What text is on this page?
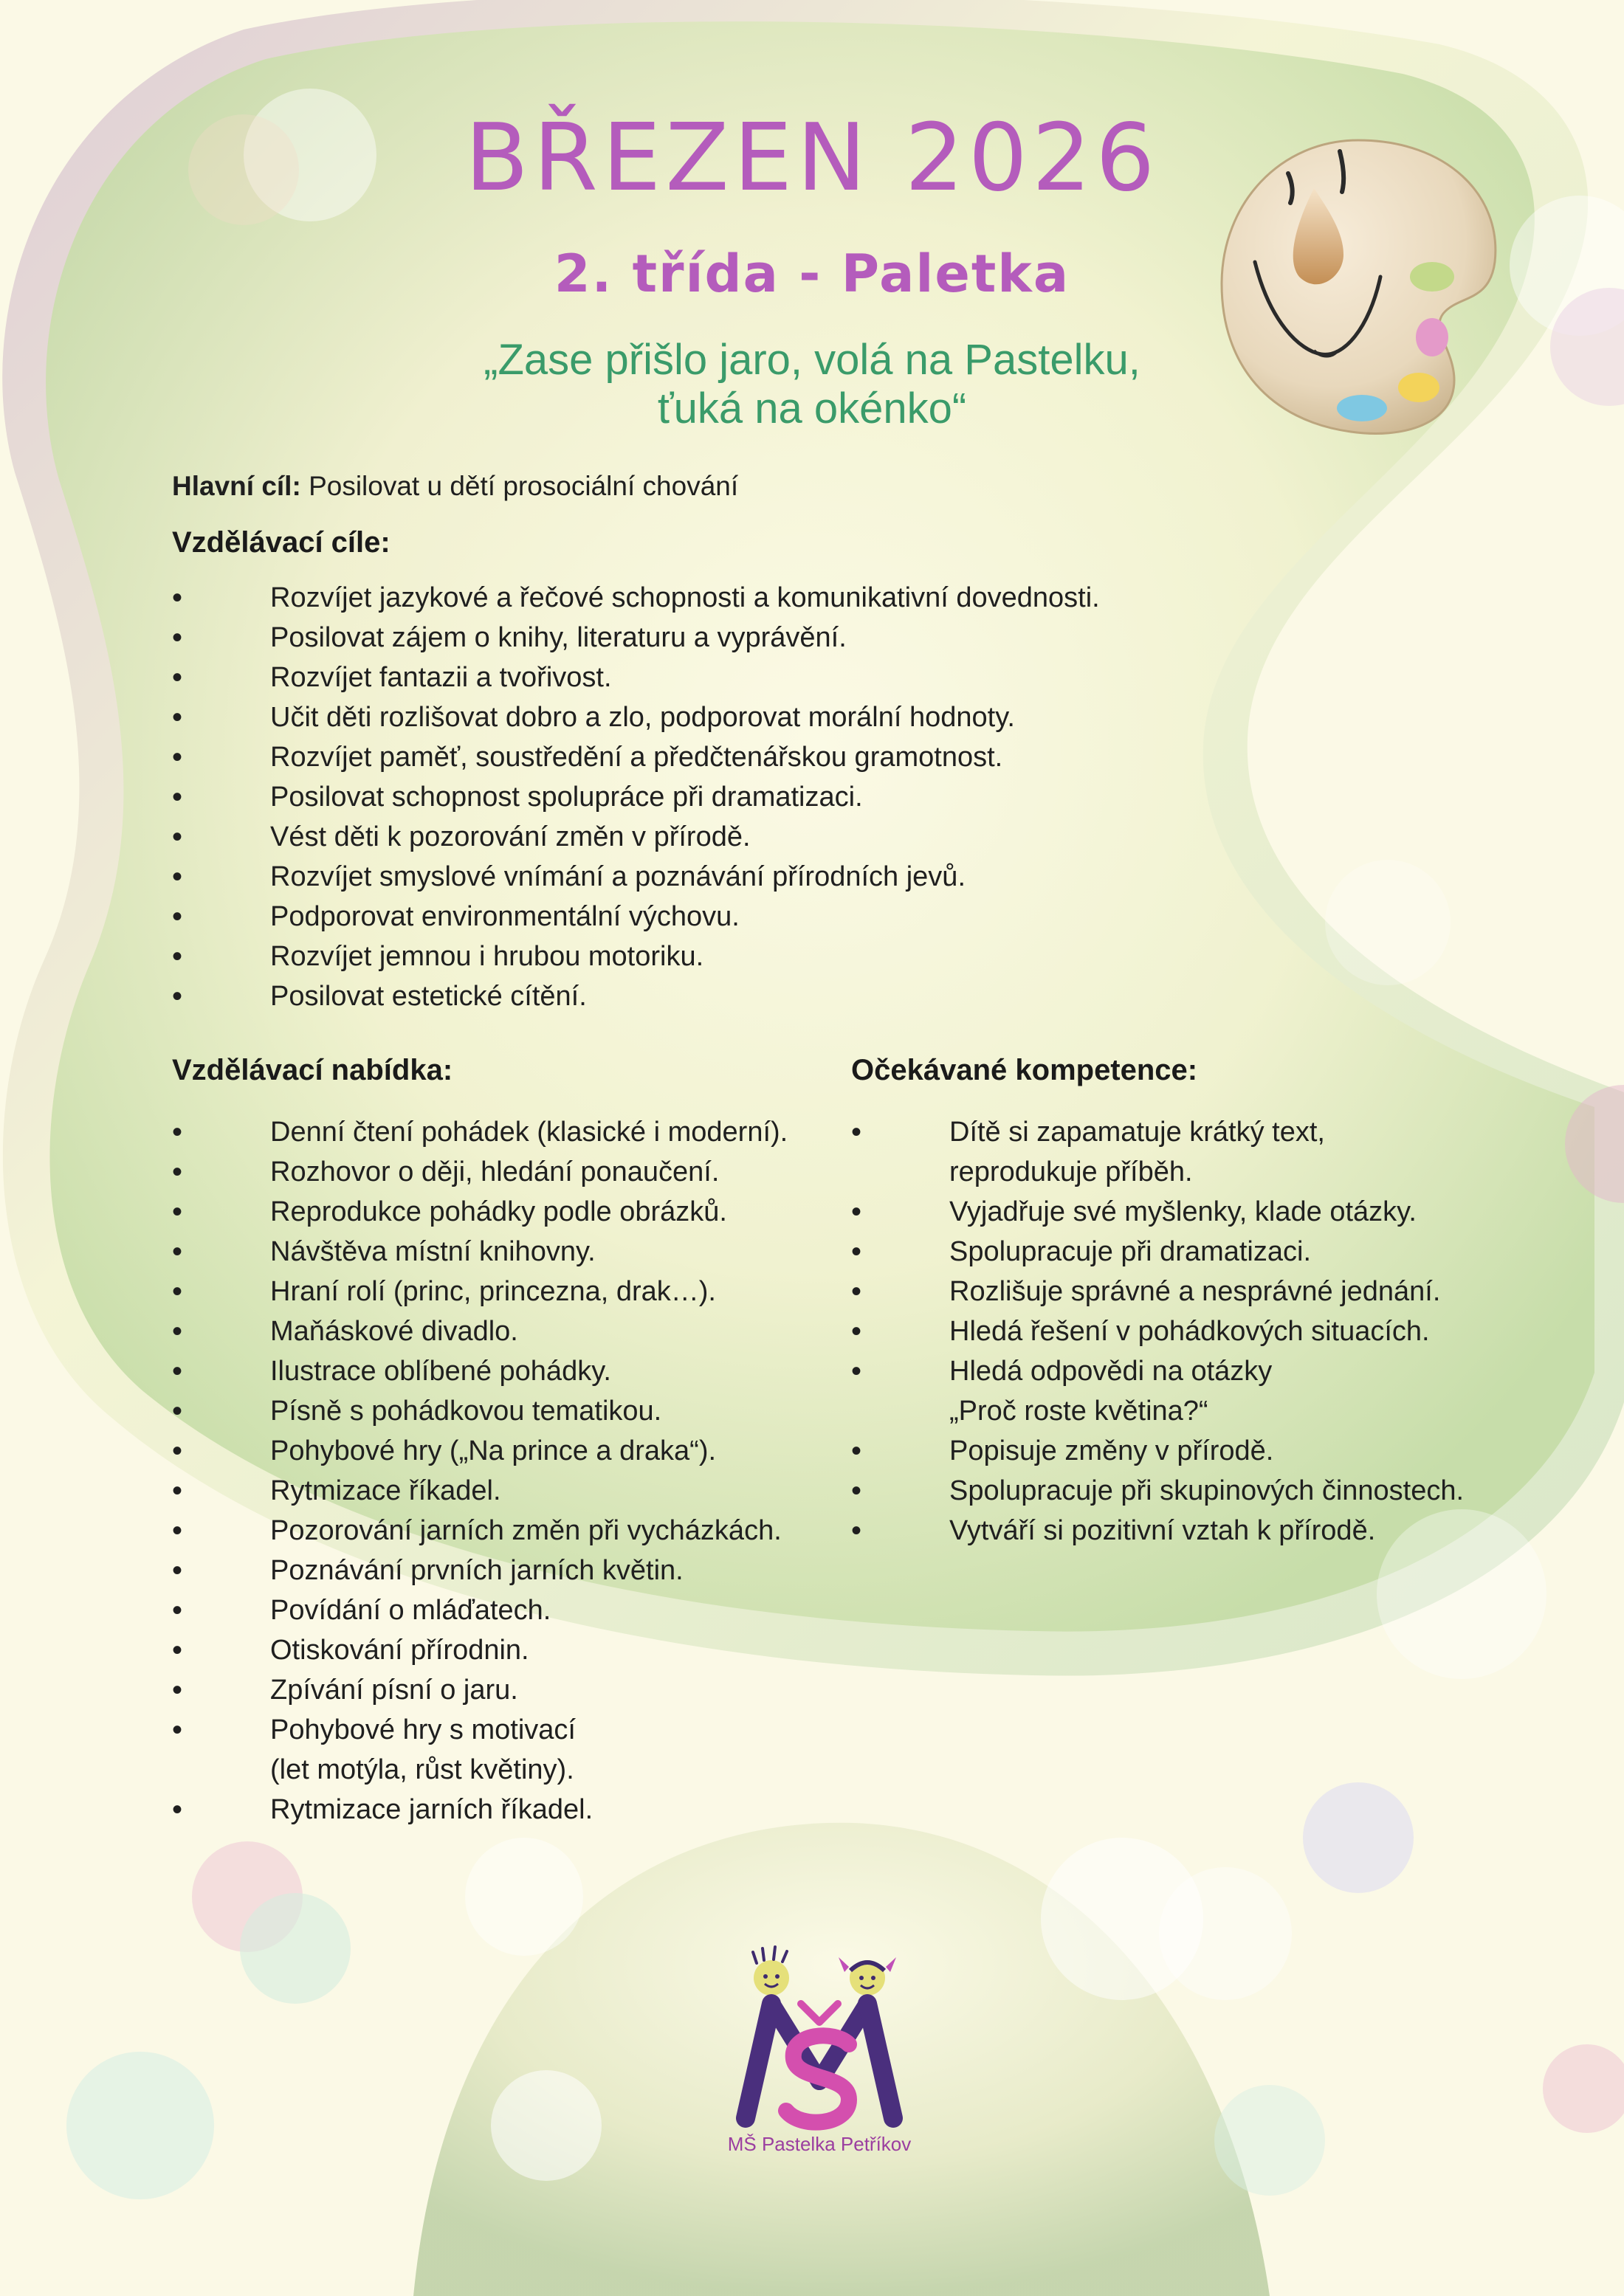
BŘEZEN 2026
2. třída - Paletka
„Zase přišlo jaro, volá na Pastelku,
ťuká na okénko“
Hlavní cíl: Posilovat u dětí prosociální chování
Vzdělávací cíle:
• Rozvíjet jazykové a řečové schopnosti a komunikativní dovednosti.
• Posilovat zájem o knihy, literaturu a vyprávění.
• Rozvíjet fantazii a tvořivost.
• Učit děti rozlišovat dobro a zlo, podporovat morální hodnoty.
• Rozvíjet paměť, soustředění a předčtenářskou gramotnost.
• Posilovat schopnost spolupráce při dramatizaci.
• Vést děti k pozorování změn v přírodě.
• Rozvíjet smyslové vnímání a poznávání přírodních jevů.
• Podporovat environmentální výchovu.
• Rozvíjet jemnou i hrubou motoriku.
• Posilovat estetické cítění.
Vzdělávací nabídka:
• Denní čtení pohádek (klasické i moderní).
• Rozhovor o ději, hledání ponaučení.
• Reprodukce pohádky podle obrázků.
• Návštěva místní knihovny.
• Hraní rolí (princ, princezna, drak…).
• Maňáskové divadlo.
• Ilustrace oblíbené pohádky.
• Písně s pohádkovou tematikou.
• Pohybové hry („Na prince a draka“).
• Rytmizace říkadel.
• Pozorování jarních změn při vycházkách.
• Poznávání prvních jarních květin.
• Povídání o mláďatech.
• Otiskování přírodnin.
• Zpívání písní o jaru.
• Pohybové hry s motivací
(let motýla, růst květiny).
• Rytmizace jarních říkadel.
Očekávané kompetence:
• Dítě si zapamatuje krátký text,
reprodukuje příběh.
• Vyjadřuje své myšlenky, klade otázky.
• Spolupracuje při dramatizaci.
• Rozlišuje správné a nesprávné jednání.
• Hledá řešení v pohádkových situacích.
• Hledá odpovědi na otázky
„Proč roste květina?“
• Popisuje změny v přírodě.
• Spolupracuje při skupinových činnostech.
• Vytváří si pozitivní vztah k přírodě.
MŠ Pastelka Petříkov
